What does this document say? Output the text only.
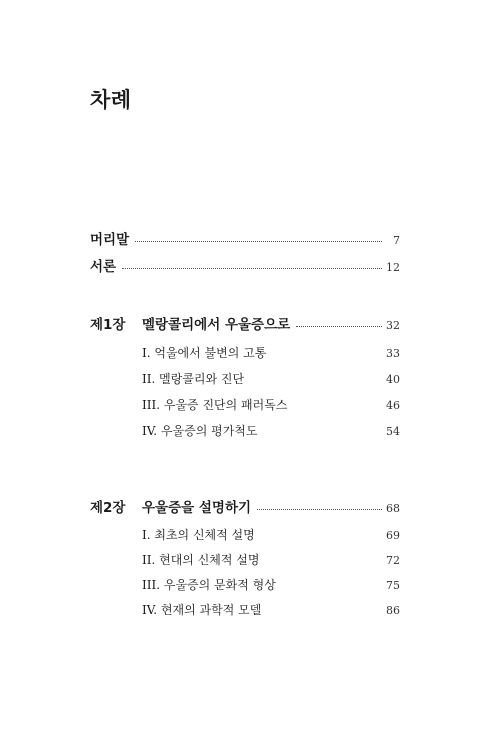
차례
머리말	7
서론	12
제1장	멜랑콜리에서 우울증으로	32
I. 억울에서 불변의 고통	33
II. 멜랑콜리와 진단	40
III. 우울증 진단의 패러독스	46
IV. 우울증의 평가척도	54
제2장	우울증을 설명하기	68
I. 최초의 신체적 설명	69
II. 현대의 신체적 설명	72
III. 우울증의 문화적 형상	75
IV. 현재의 과학적 모델	86
